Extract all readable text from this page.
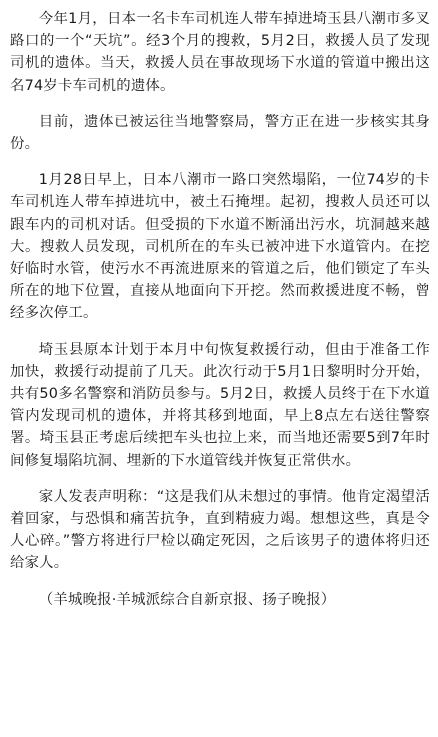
今年1月，日本一名卡车司机连人带车掉进埼玉县八潮市多叉路口的一个“天坑”。经3个月的搜救，5月2日，救援人员了发现司机的遗体。当天，救援人员在事故现场下水道的管道中搬出这名74岁卡车司机的遗体。

目前，遗体已被运往当地警察局，警方正在进一步核实其身份。

1月28日早上，日本八潮市一路口突然塌陷，一位74岁的卡车司机连人带车掉进坑中，被土石掩埋。起初，搜救人员还可以跟车内的司机对话。但受损的下水道不断涌出污水，坑洞越来越大。搜救人员发现，司机所在的车头已被冲进下水道管内。在挖好临时水管，使污水不再流进原来的管道之后，他们锁定了车头所在的地下位置，直接从地面向下开挖。然而救援进度不畅，曾经多次停工。

埼玉县原本计划于本月中旬恢复救援行动，但由于准备工作加快，救援行动提前了几天。此次行动于5月1日黎明时分开始，共有50多名警察和消防员参与。5月2日，救援人员终于在下水道管内发现司机的遗体，并将其移到地面，早上8点左右送往警察署。埼玉县正考虑后续把车头也拉上来，而当地还需要5到7年时间修复塌陷坑洞、埋新的下水道管线并恢复正常供水。

家人发表声明称：“这是我们从未想过的事情。他肯定渴望活着回家，与恐惧和痛苦抗争，直到精疲力竭。想想这些，真是令人心碎。”警方将进行尸检以确定死因，之后该男子的遗体将归还给家人。

（羊城晚报·羊城派综合自新京报、扬子晚报）
